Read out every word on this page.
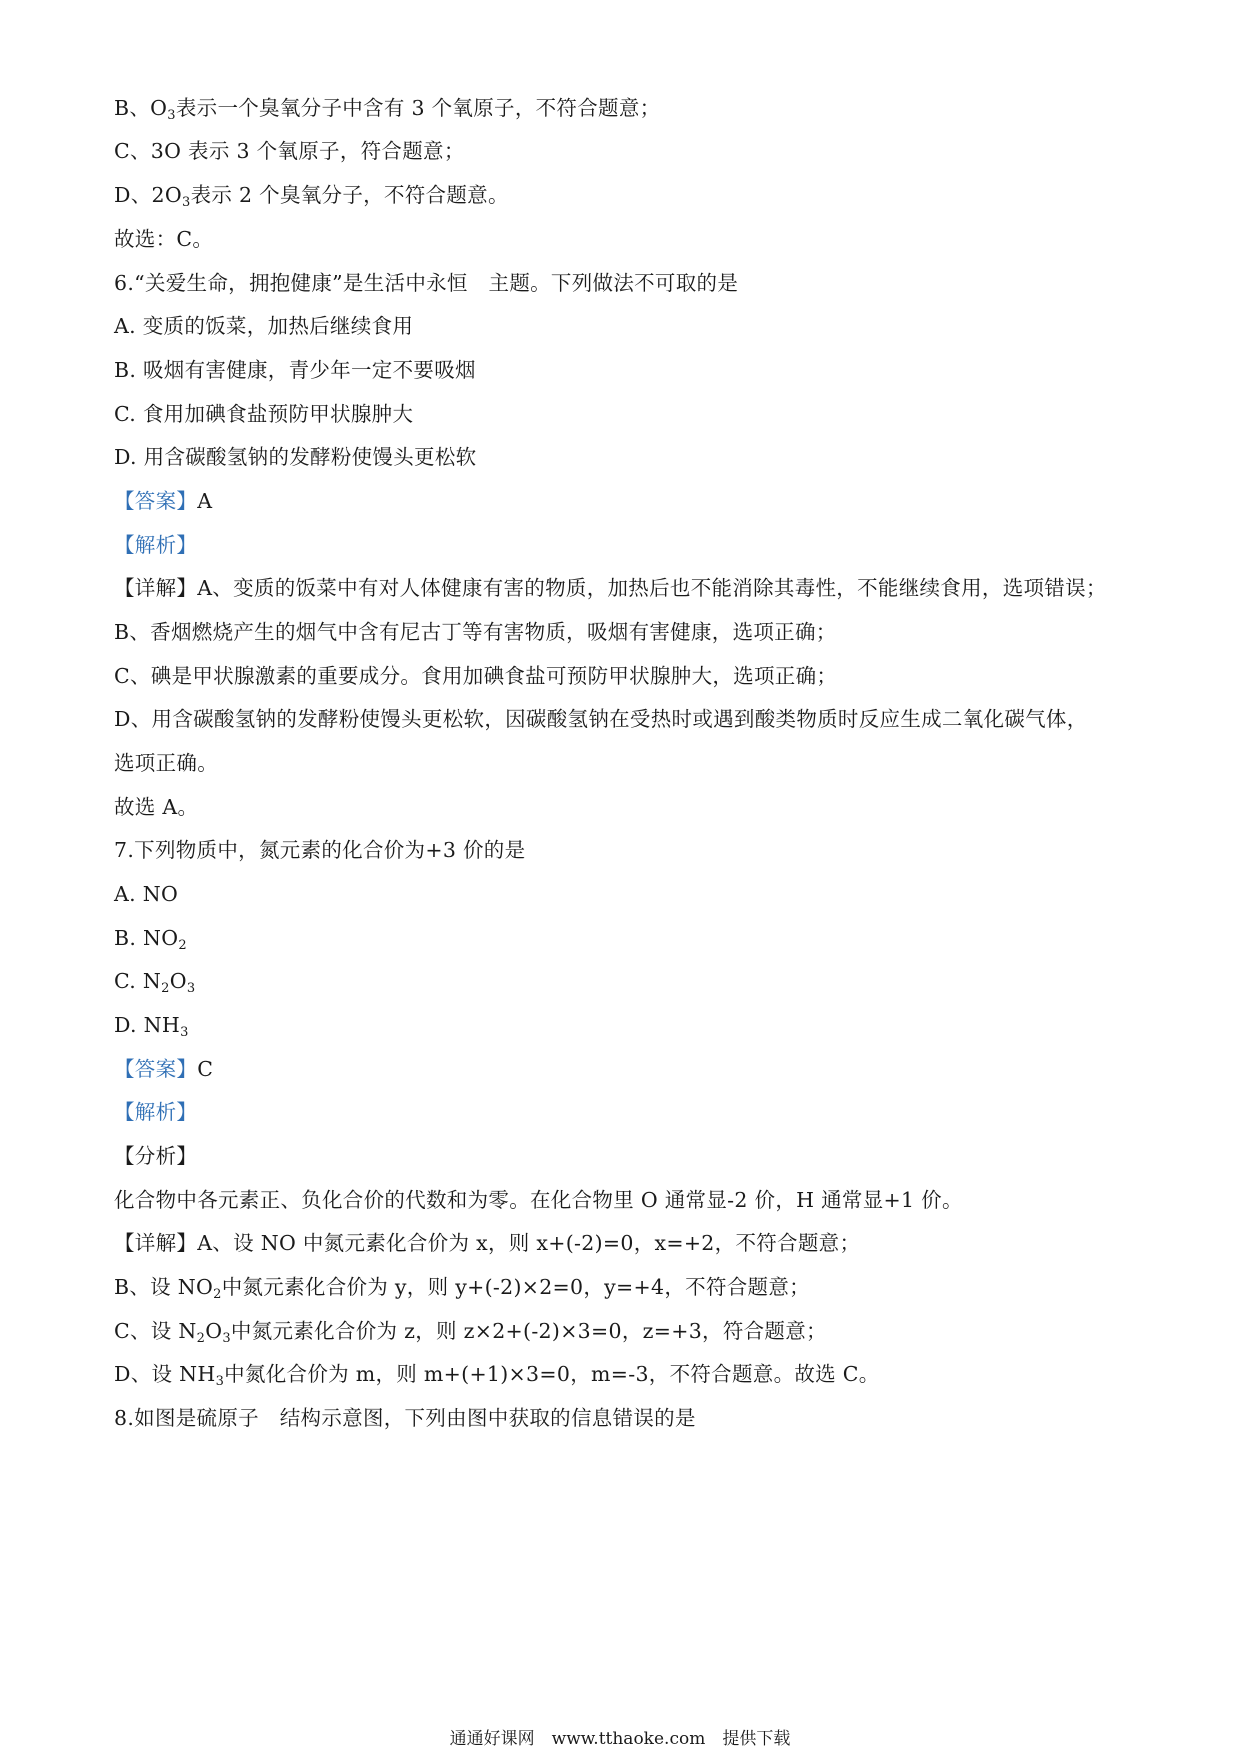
B、O3表示一个臭氧分子中含有 3 个氧原子，不符合题意；
C、3O 表示 3 个氧原子，符合题意；
D、2O3表示 2 个臭氧分子，不符合题意。
故选：C。
6.“关爱生命，拥抱健康”是生活中永恒　主题。下列做法不可取的是
A. 变质的饭菜，加热后继续食用
B. 吸烟有害健康，青少年一定不要吸烟
C. 食用加碘食盐预防甲状腺肿大
D. 用含碳酸氢钠的发酵粉使馒头更松软
【答案】A
【解析】
【详解】A、变质的饭菜中有对人体健康有害的物质，加热后也不能消除其毒性，不能继续食用，选项错误；
B、香烟燃烧产生的烟气中含有尼古丁等有害物质，吸烟有害健康，选项正确；
C、碘是甲状腺激素的重要成分。食用加碘食盐可预防甲状腺肿大，选项正确；
D、用含碳酸氢钠的发酵粉使馒头更松软，因碳酸氢钠在受热时或遇到酸类物质时反应生成二氧化碳气体，
选项正确。
故选 A。
7.下列物质中，氮元素的化合价为+3 价的是
A. NO
B. NO2
C. N2O3
D. NH3
【答案】C
【解析】
【分析】
化合物中各元素正、负化合价的代数和为零。在化合物里 O 通常显-2 价，H 通常显+1 价。
【详解】A、设 NO 中氮元素化合价为 x，则 x+(-2)=0，x=+2，不符合题意；
B、设 NO2中氮元素化合价为 y，则 y+(-2)×2=0，y=+4，不符合题意；
C、设 N2O3中氮元素化合价为 z，则 z×2+(-2)×3=0，z=+3，符合题意；
D、设 NH3中氮化合价为 m，则 m+(+1)×3=0，m=-3，不符合题意。故选 C。
8.如图是硫原子　结构示意图，下列由图中获取的信息错误的是
通通好课网　www.tthaoke.com　提供下载
